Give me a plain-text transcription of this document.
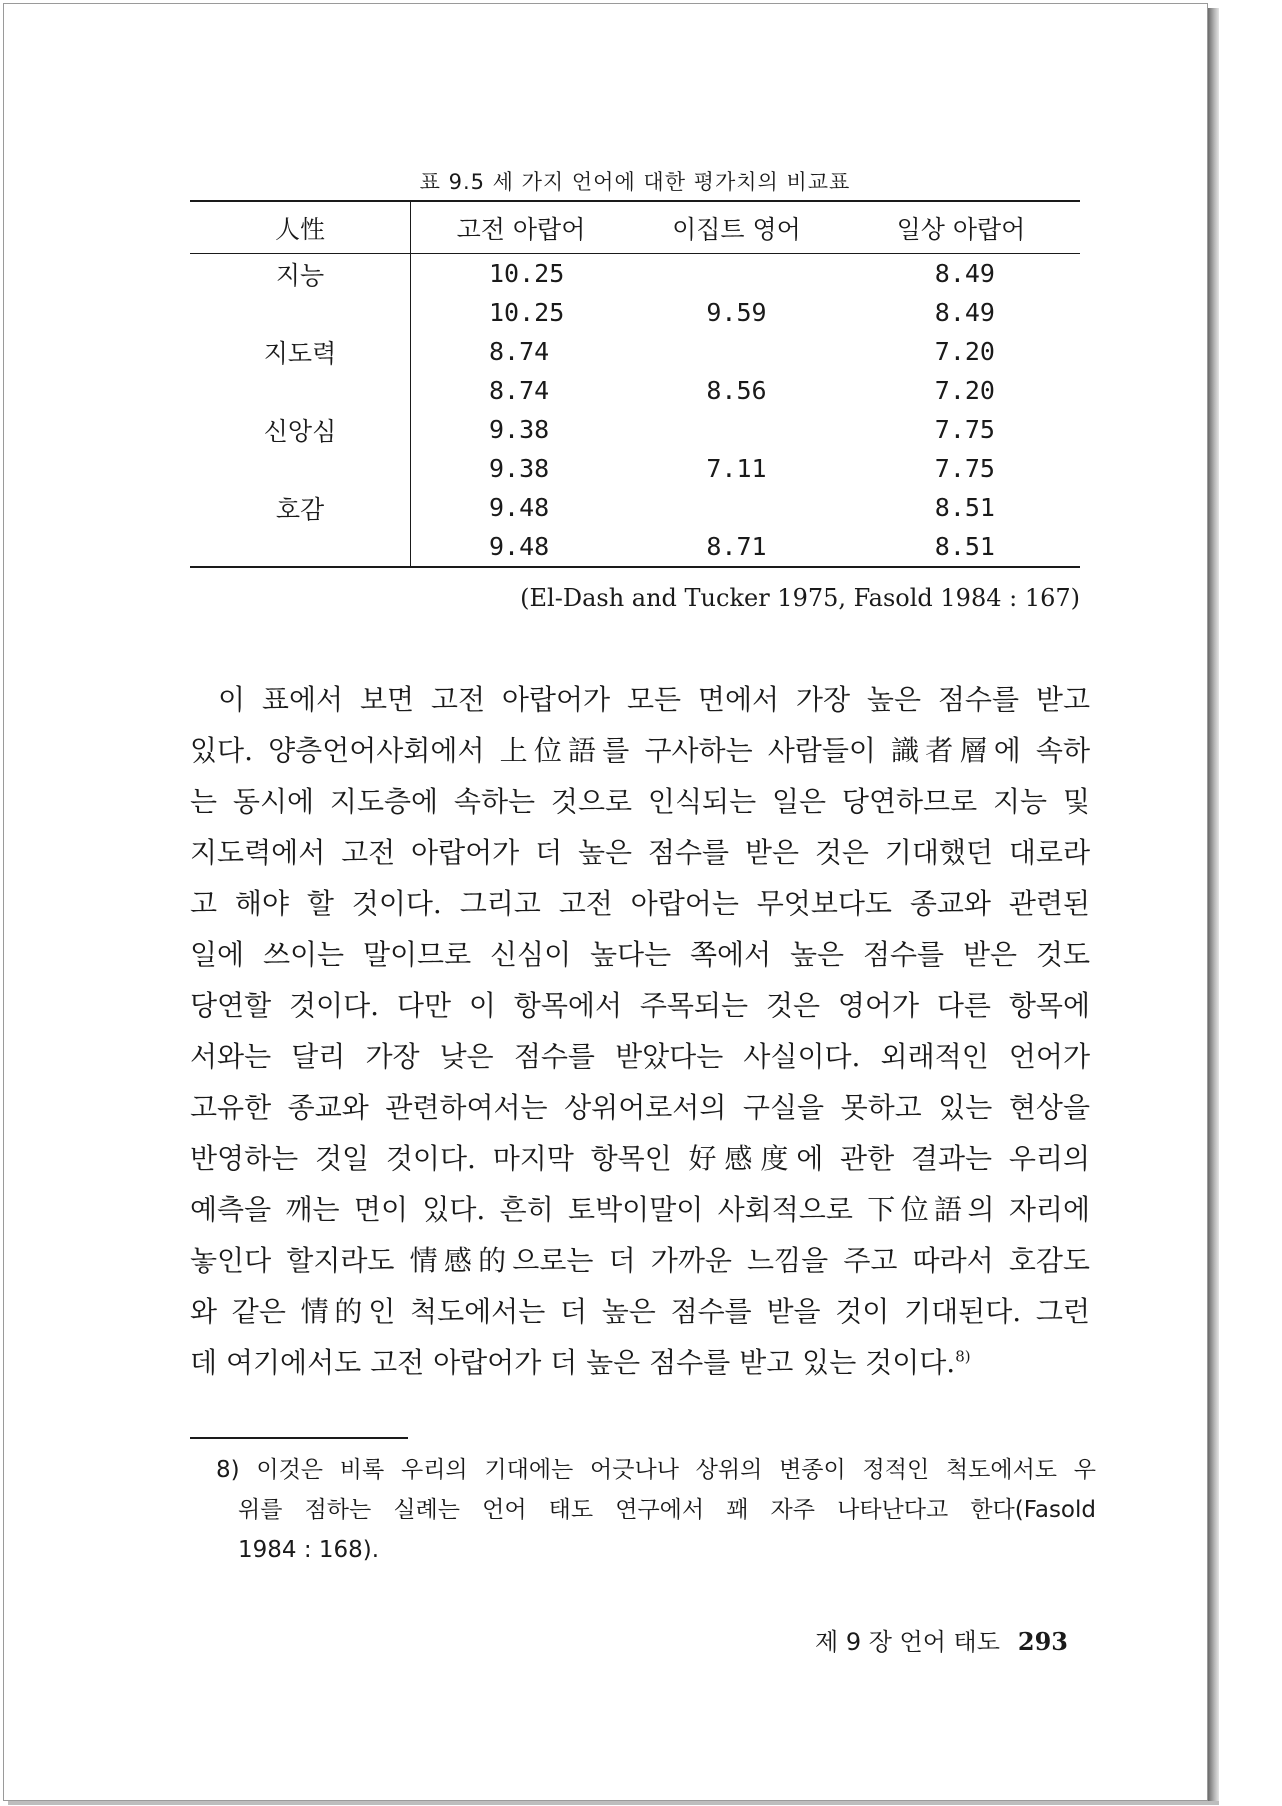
표 9.5 세 가지 언어에 대한 평가치의 비교표
人性	고전 아랍어	이집트 영어	일상 아랍어
지능	10.25		8.49
	10.25	9.59	8.49
지도력	8.74		7.20
	8.74	8.56	7.20
신앙심	9.38		7.75
	9.38	7.11	7.75
호감	9.48		8.51
	9.48	8.71	8.51
(El-Dash and Tucker 1975, Fasold 1984 : 167)
이 표에서 보면 고전 아랍어가 모든 면에서 가장 높은 점수를 받고
있다. 양층언어사회에서 上位語를 구사하는 사람들이 識者層에 속하
는 동시에 지도층에 속하는 것으로 인식되는 일은 당연하므로 지능 및
지도력에서 고전 아랍어가 더 높은 점수를 받은 것은 기대했던 대로라
고 해야 할 것이다. 그리고 고전 아랍어는 무엇보다도 종교와 관련된
일에 쓰이는 말이므로 신심이 높다는 쪽에서 높은 점수를 받은 것도
당연할 것이다. 다만 이 항목에서 주목되는 것은 영어가 다른 항목에
서와는 달리 가장 낮은 점수를 받았다는 사실이다. 외래적인 언어가
고유한 종교와 관련하여서는 상위어로서의 구실을 못하고 있는 현상을
반영하는 것일 것이다. 마지막 항목인 好感度에 관한 결과는 우리의
예측을 깨는 면이 있다. 흔히 토박이말이 사회적으로 下位語의 자리에
놓인다 할지라도 情感的으로는 더 가까운 느낌을 주고 따라서 호감도
와 같은 情的인 척도에서는 더 높은 점수를 받을 것이 기대된다. 그런
데 여기에서도 고전 아랍어가 더 높은 점수를 받고 있는 것이다.$^{8)}$
8) 이것은 비록 우리의 기대에는 어긋나나 상위의 변종이 정적인 척도에서도 우
위를 점하는 실례는 언어 태도 연구에서 꽤 자주 나타난다고 한다(Fasold
1984 : 168).
제 9 장 언어 태도 293
